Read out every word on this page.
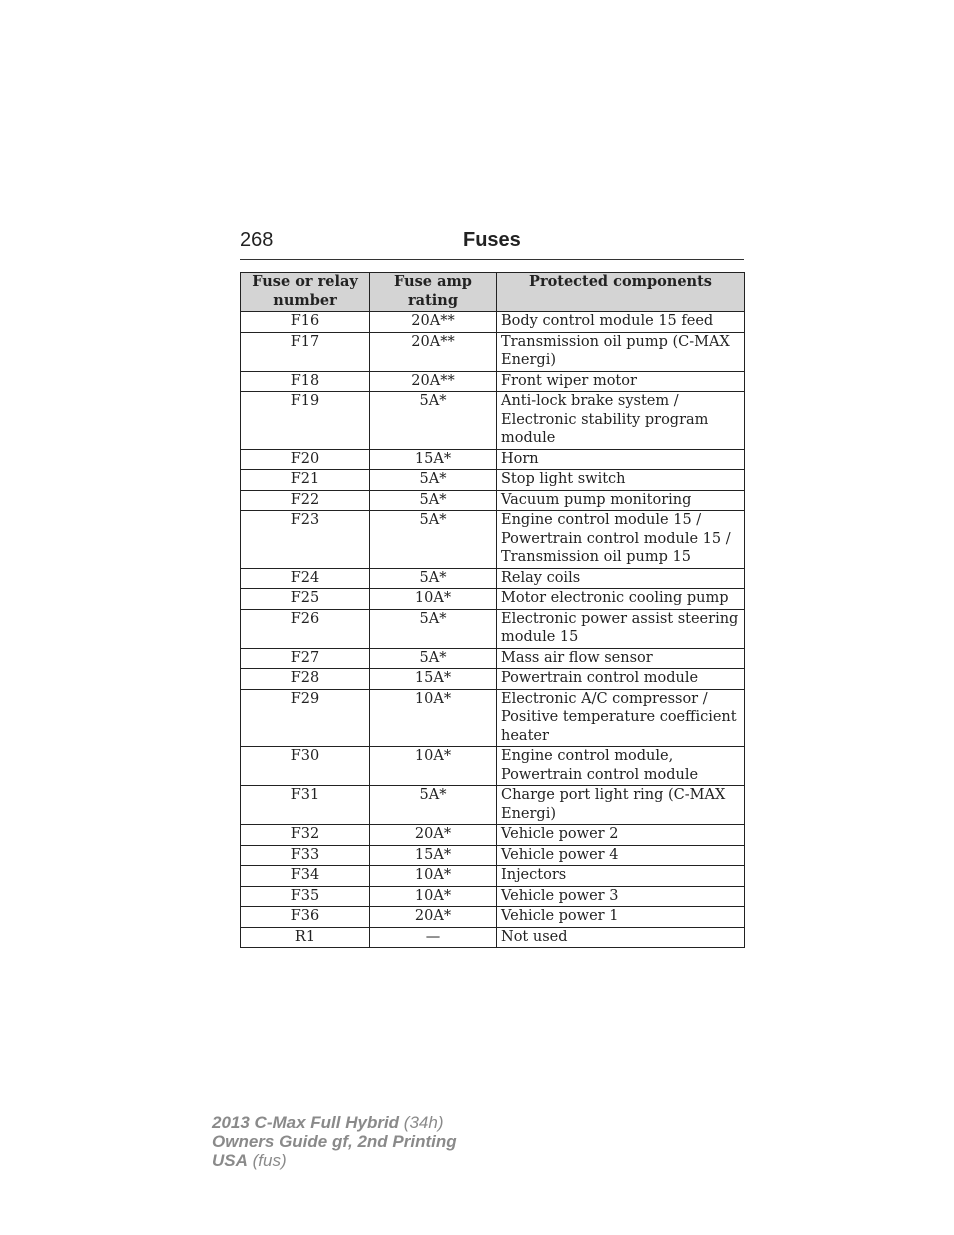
268	Fuses
Fuse or relay number	Fuse amp rating	Protected components
F16	20A**	Body control module 15 feed
F17	20A**	Transmission oil pump (C-MAX Energi)
F18	20A**	Front wiper motor
F19	5A*	Anti-lock brake system / Electronic stability program module
F20	15A*	Horn
F21	5A*	Stop light switch
F22	5A*	Vacuum pump monitoring
F23	5A*	Engine control module 15 / Powertrain control module 15 / Transmission oil pump 15
F24	5A*	Relay coils
F25	10A*	Motor electronic cooling pump
F26	5A*	Electronic power assist steering module 15
F27	5A*	Mass air flow sensor
F28	15A*	Powertrain control module
F29	10A*	Electronic A/C compressor / Positive temperature coefficient heater
F30	10A*	Engine control module, Powertrain control module
F31	5A*	Charge port light ring (C-MAX Energi)
F32	20A*	Vehicle power 2
F33	15A*	Vehicle power 4
F34	10A*	Injectors
F35	10A*	Vehicle power 3
F36	20A*	Vehicle power 1
R1	—	Not used
2013 C-Max Full Hybrid (34h)
Owners Guide gf, 2nd Printing
USA (fus)
